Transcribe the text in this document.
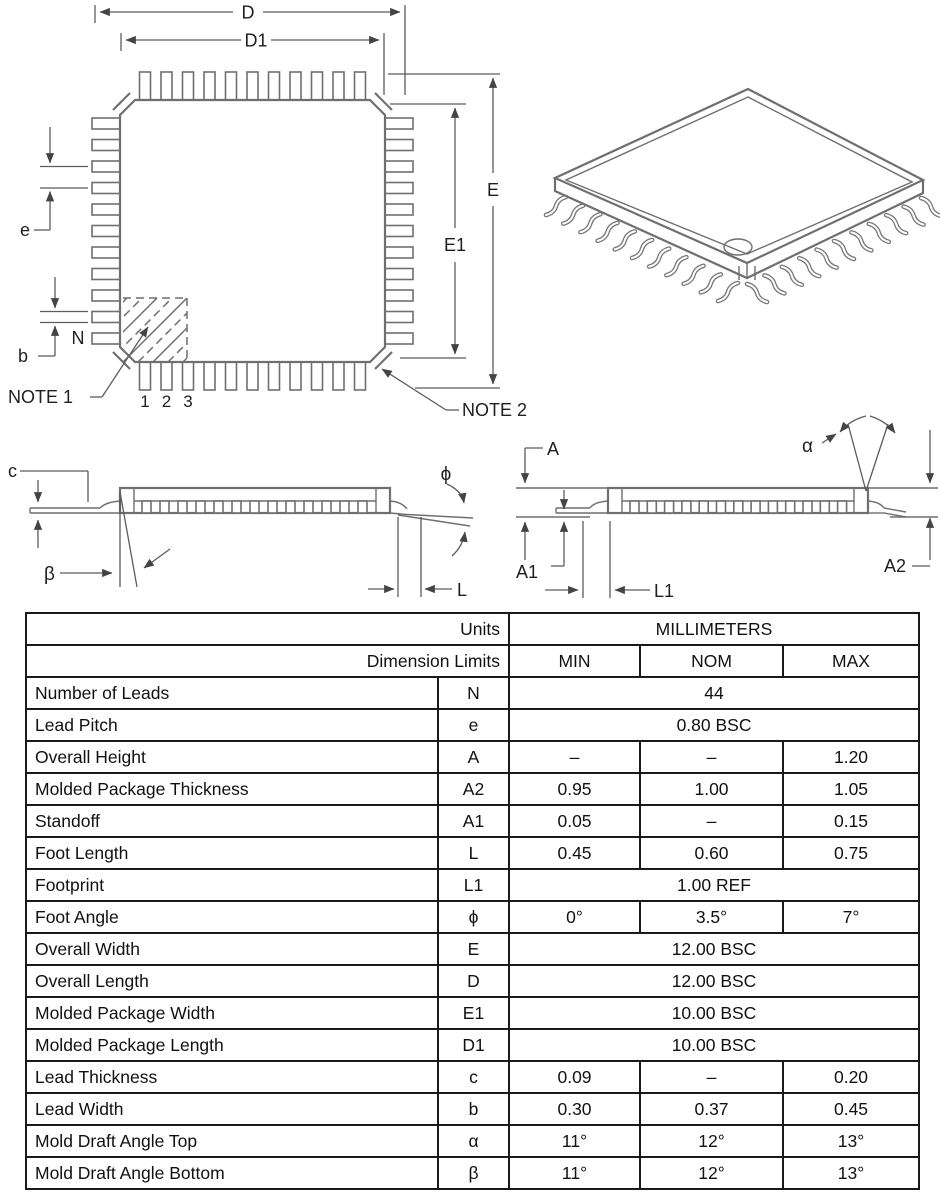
D
D1
E
E1
e
b
N
NOTE 1
NOTE 2
1 2 3
c
β
ϕ
L
A
A1	A2
L1
α
Units		MILLIMETERS		
Dimension Limits		MIN	NOM	MAX
Number of Leads	N	44		
Lead Pitch	e	0.80 BSC		
Overall Height	A	–	–	1.20
Molded Package Thickness	A2	0.95	1.00	1.05
Standoff	A1	0.05	–	0.15
Foot Length	L	0.45	0.60	0.75
Footprint	L1	1.00 REF		
Foot Angle	ϕ	0°	3.5°	7°
Overall Width	E	12.00 BSC		
Overall Length	D	12.00 BSC		
Molded Package Width	E1	10.00 BSC		
Molded Package Length	D1	10.00 BSC		
Lead Thickness	c	0.09	–	0.20
Lead Width	b	0.30	0.37	0.45
Mold Draft Angle Top	α	11°	12°	13°
Mold Draft Angle Bottom	β	11°	12°	13°
